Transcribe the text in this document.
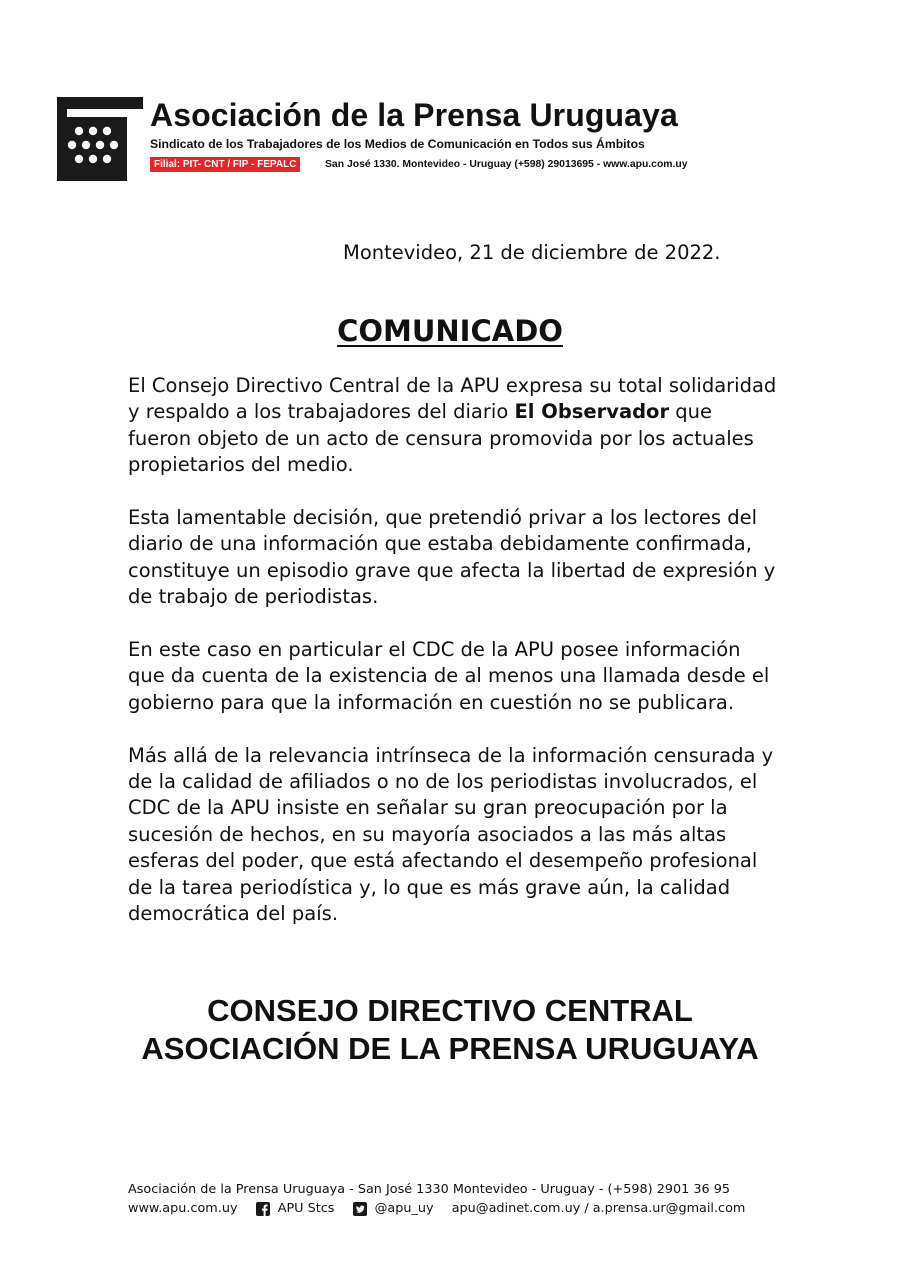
Asociación de la Prensa Uruguaya
Sindicato de los Trabajadores de los Medios de Comunicación en Todos sus Ámbitos
Filial: PIT- CNT / FIP - FEPALC	San José 1330. Montevideo - Uruguay (+598) 29013695 - www.apu.com.uy
Montevideo, 21 de diciembre de 2022.
COMUNICADO

El Consejo Directivo Central de la APU expresa su total solidaridad y respaldo a los trabajadores del diario El Observador que fueron objeto de un acto de censura promovida por los actuales propietarios del medio.

Esta lamentable decisión, que pretendió privar a los lectores del diario de una información que estaba debidamente confirmada, constituye un episodio grave que afecta la libertad de expresión y de trabajo de periodistas.

En este caso en particular el CDC de la APU posee información que da cuenta de la existencia de al menos una llamada desde el gobierno para que la información en cuestión no se publicara.

Más allá de la relevancia intrínseca de la información censurada y de la calidad de afiliados o no de los periodistas involucrados, el CDC de la APU insiste en señalar su gran preocupación por la sucesión de hechos, en su mayoría asociados a las más altas esferas del poder, que está afectando el desempeño profesional de la tarea periodística y, lo que es más grave aún, la calidad democrática del país.

CONSEJO DIRECTIVO CENTRAL
ASOCIACIÓN DE LA PRENSA URUGUAYA
Asociación de la Prensa Uruguaya - San José 1330 Montevideo - Uruguay - (+598) 2901 36 95
www.apu.com.uy	APU Stcs	@apu_uy apu@adinet.com.uy / a.prensa.ur@gmail.com
